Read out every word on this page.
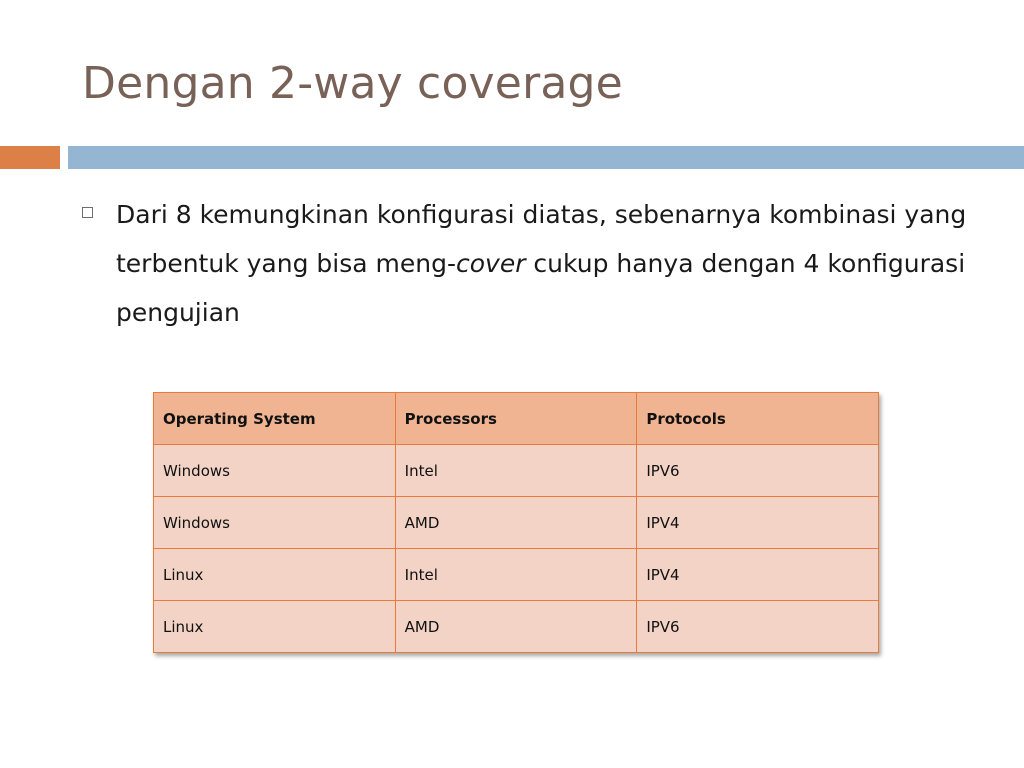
Dengan 2-way coverage

Dari 8 kemungkinan konfigurasi diatas, sebenarnya kombinasi yang terbentuk yang bisa meng-cover cukup hanya dengan 4 konfigurasi pengujian

Operating System	Processors	Protocols
Windows	Intel	IPV6
Windows	AMD	IPV4
Linux	Intel	IPV4
Linux	AMD	IPV6
